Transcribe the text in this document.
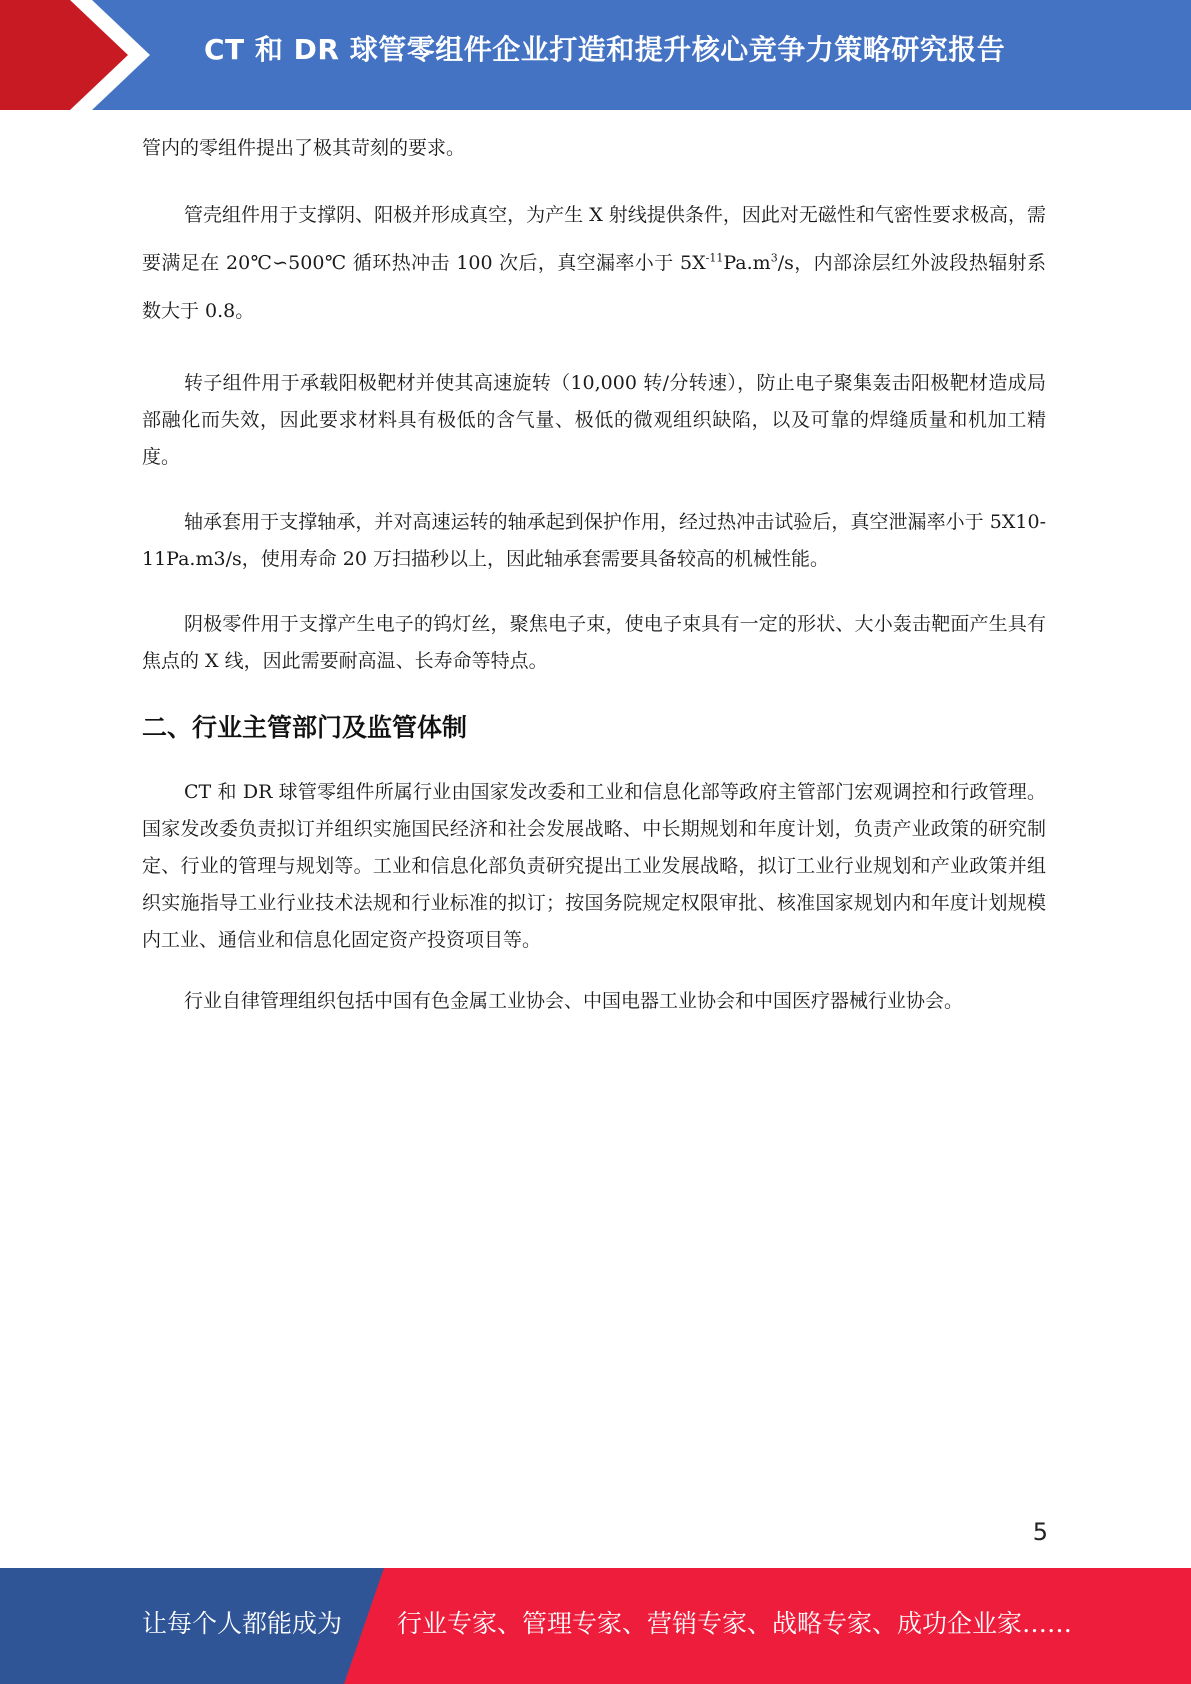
CT 和 DR 球管零组件企业打造和提升核心竞争力策略研究报告

管内的零组件提出了极其苛刻的要求。

管壳组件用于支撑阴、阳极并形成真空，为产生 X 射线提供条件，因此对无磁性和气密性要求极高，需要满足在 20℃∽500℃ 循环热冲击 100 次后，真空漏率小于 $5X^{-11}Pa.m^3/s$，内部涂层红外波段热辐射系数大于 0.8。

转子组件用于承载阳极靶材并使其高速旋转（10,000 转/分转速），防止电子聚集轰击阳极靶材造成局部融化而失效，因此要求材料具有极低的含气量、极低的微观组织缺陷，以及可靠的焊缝质量和机加工精度。

轴承套用于支撑轴承，并对高速运转的轴承起到保护作用，经过热冲击试验后，真空泄漏率小于 5X10-11Pa.m3/s，使用寿命 20 万扫描秒以上，因此轴承套需要具备较高的机械性能。

阴极零件用于支撑产生电子的钨灯丝，聚焦电子束，使电子束具有一定的形状、大小轰击靶面产生具有焦点的 X 线，因此需要耐高温、长寿命等特点。

二、行业主管部门及监管体制

CT 和 DR 球管零组件所属行业由国家发改委和工业和信息化部等政府主管部门宏观调控和行政管理。国家发改委负责拟订并组织实施国民经济和社会发展战略、中长期规划和年度计划，负责产业政策的研究制定、行业的管理与规划等。工业和信息化部负责研究提出工业发展战略，拟订工业行业规划和产业政策并组织实施指导工业行业技术法规和行业标准的拟订；按国务院规定权限审批、核准国家规划内和年度计划规模内工业、通信业和信息化固定资产投资项目等。

行业自律管理组织包括中国有色金属工业协会、中国电器工业协会和中国医疗器械行业协会。

5
让每个人都能成为 行业专家、管理专家、营销专家、战略专家、成功企业家……
